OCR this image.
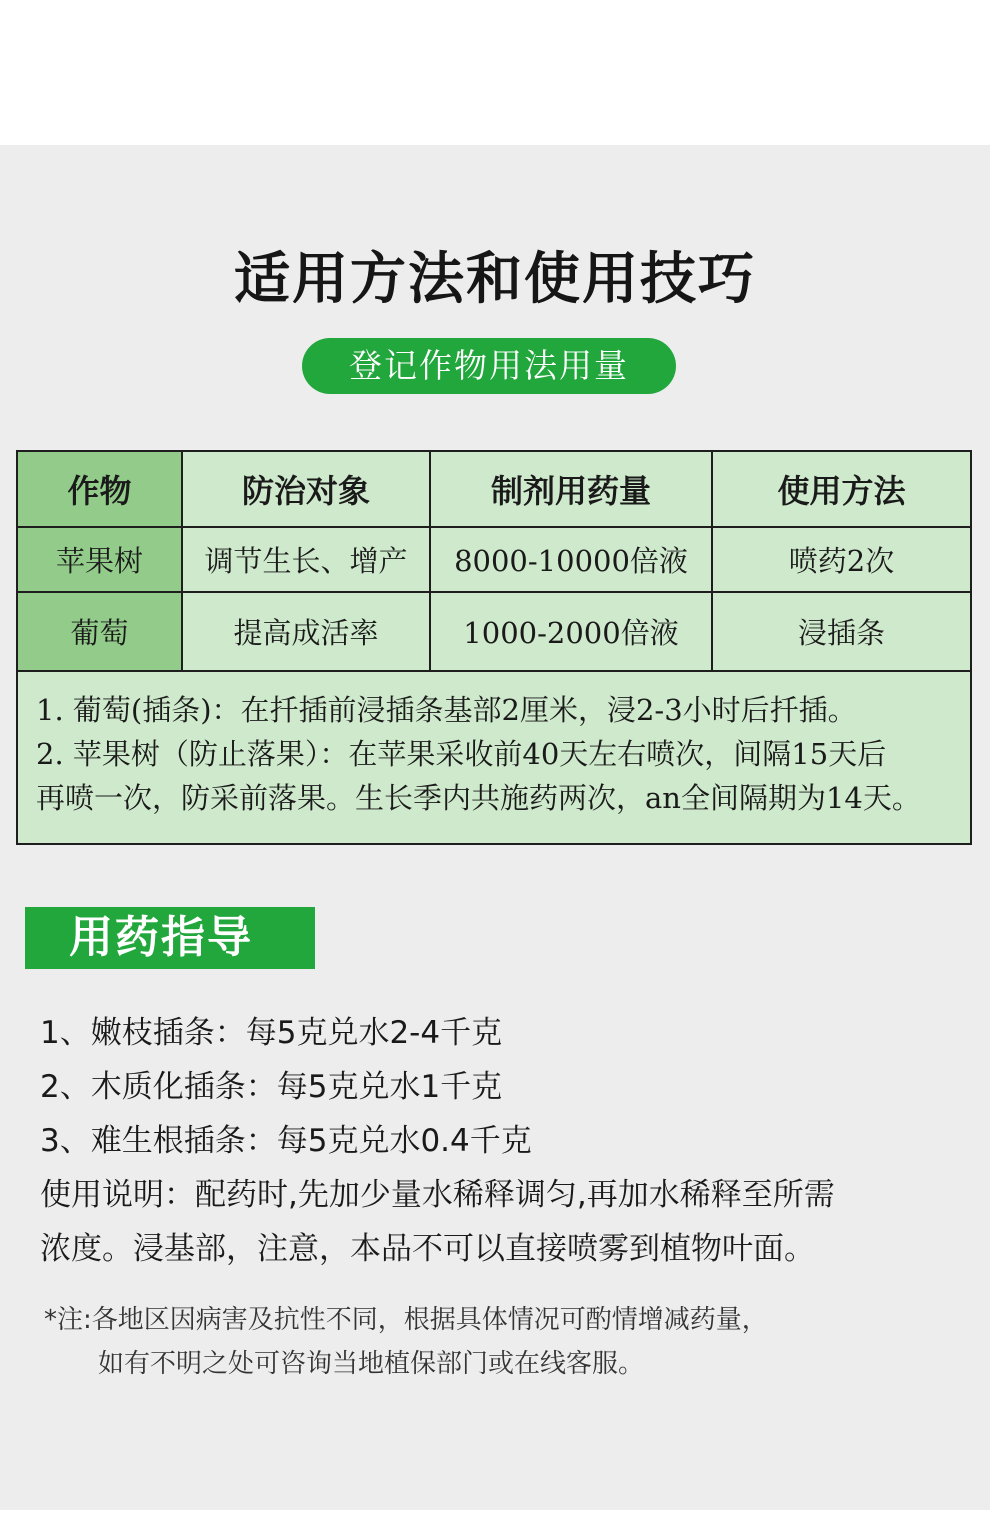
适用方法和使用技巧
登记作物用法用量
作物	防治对象	制剂用药量	使用方法
苹果树	调节生长、增产	8000-10000倍液	喷药2次
葡萄	提高成活率	1000-2000倍液	浸插条
1. 葡萄(插条)：在扦插前浸插条基部2厘米，浸2-3小时后扦插。
2. 苹果树（防止落果）：在苹果采收前40天左右喷次，间隔15天后
再喷一次，防采前落果。生长季内共施药两次，an全间隔期为14天。
用药指导
1、嫩枝插条：每5克兑水2-4千克
2、木质化插条：每5克兑水1千克
3、难生根插条：每5克兑水0.4千克
使用说明：配药时,先加少量水稀释调匀,再加水稀释至所需
浓度。浸基部，注意，本品不可以直接喷雾到植物叶面。
*注:各地区因病害及抗性不同，根据具体情况可酌情增减药量，
如有不明之处可咨询当地植保部门或在线客服。
